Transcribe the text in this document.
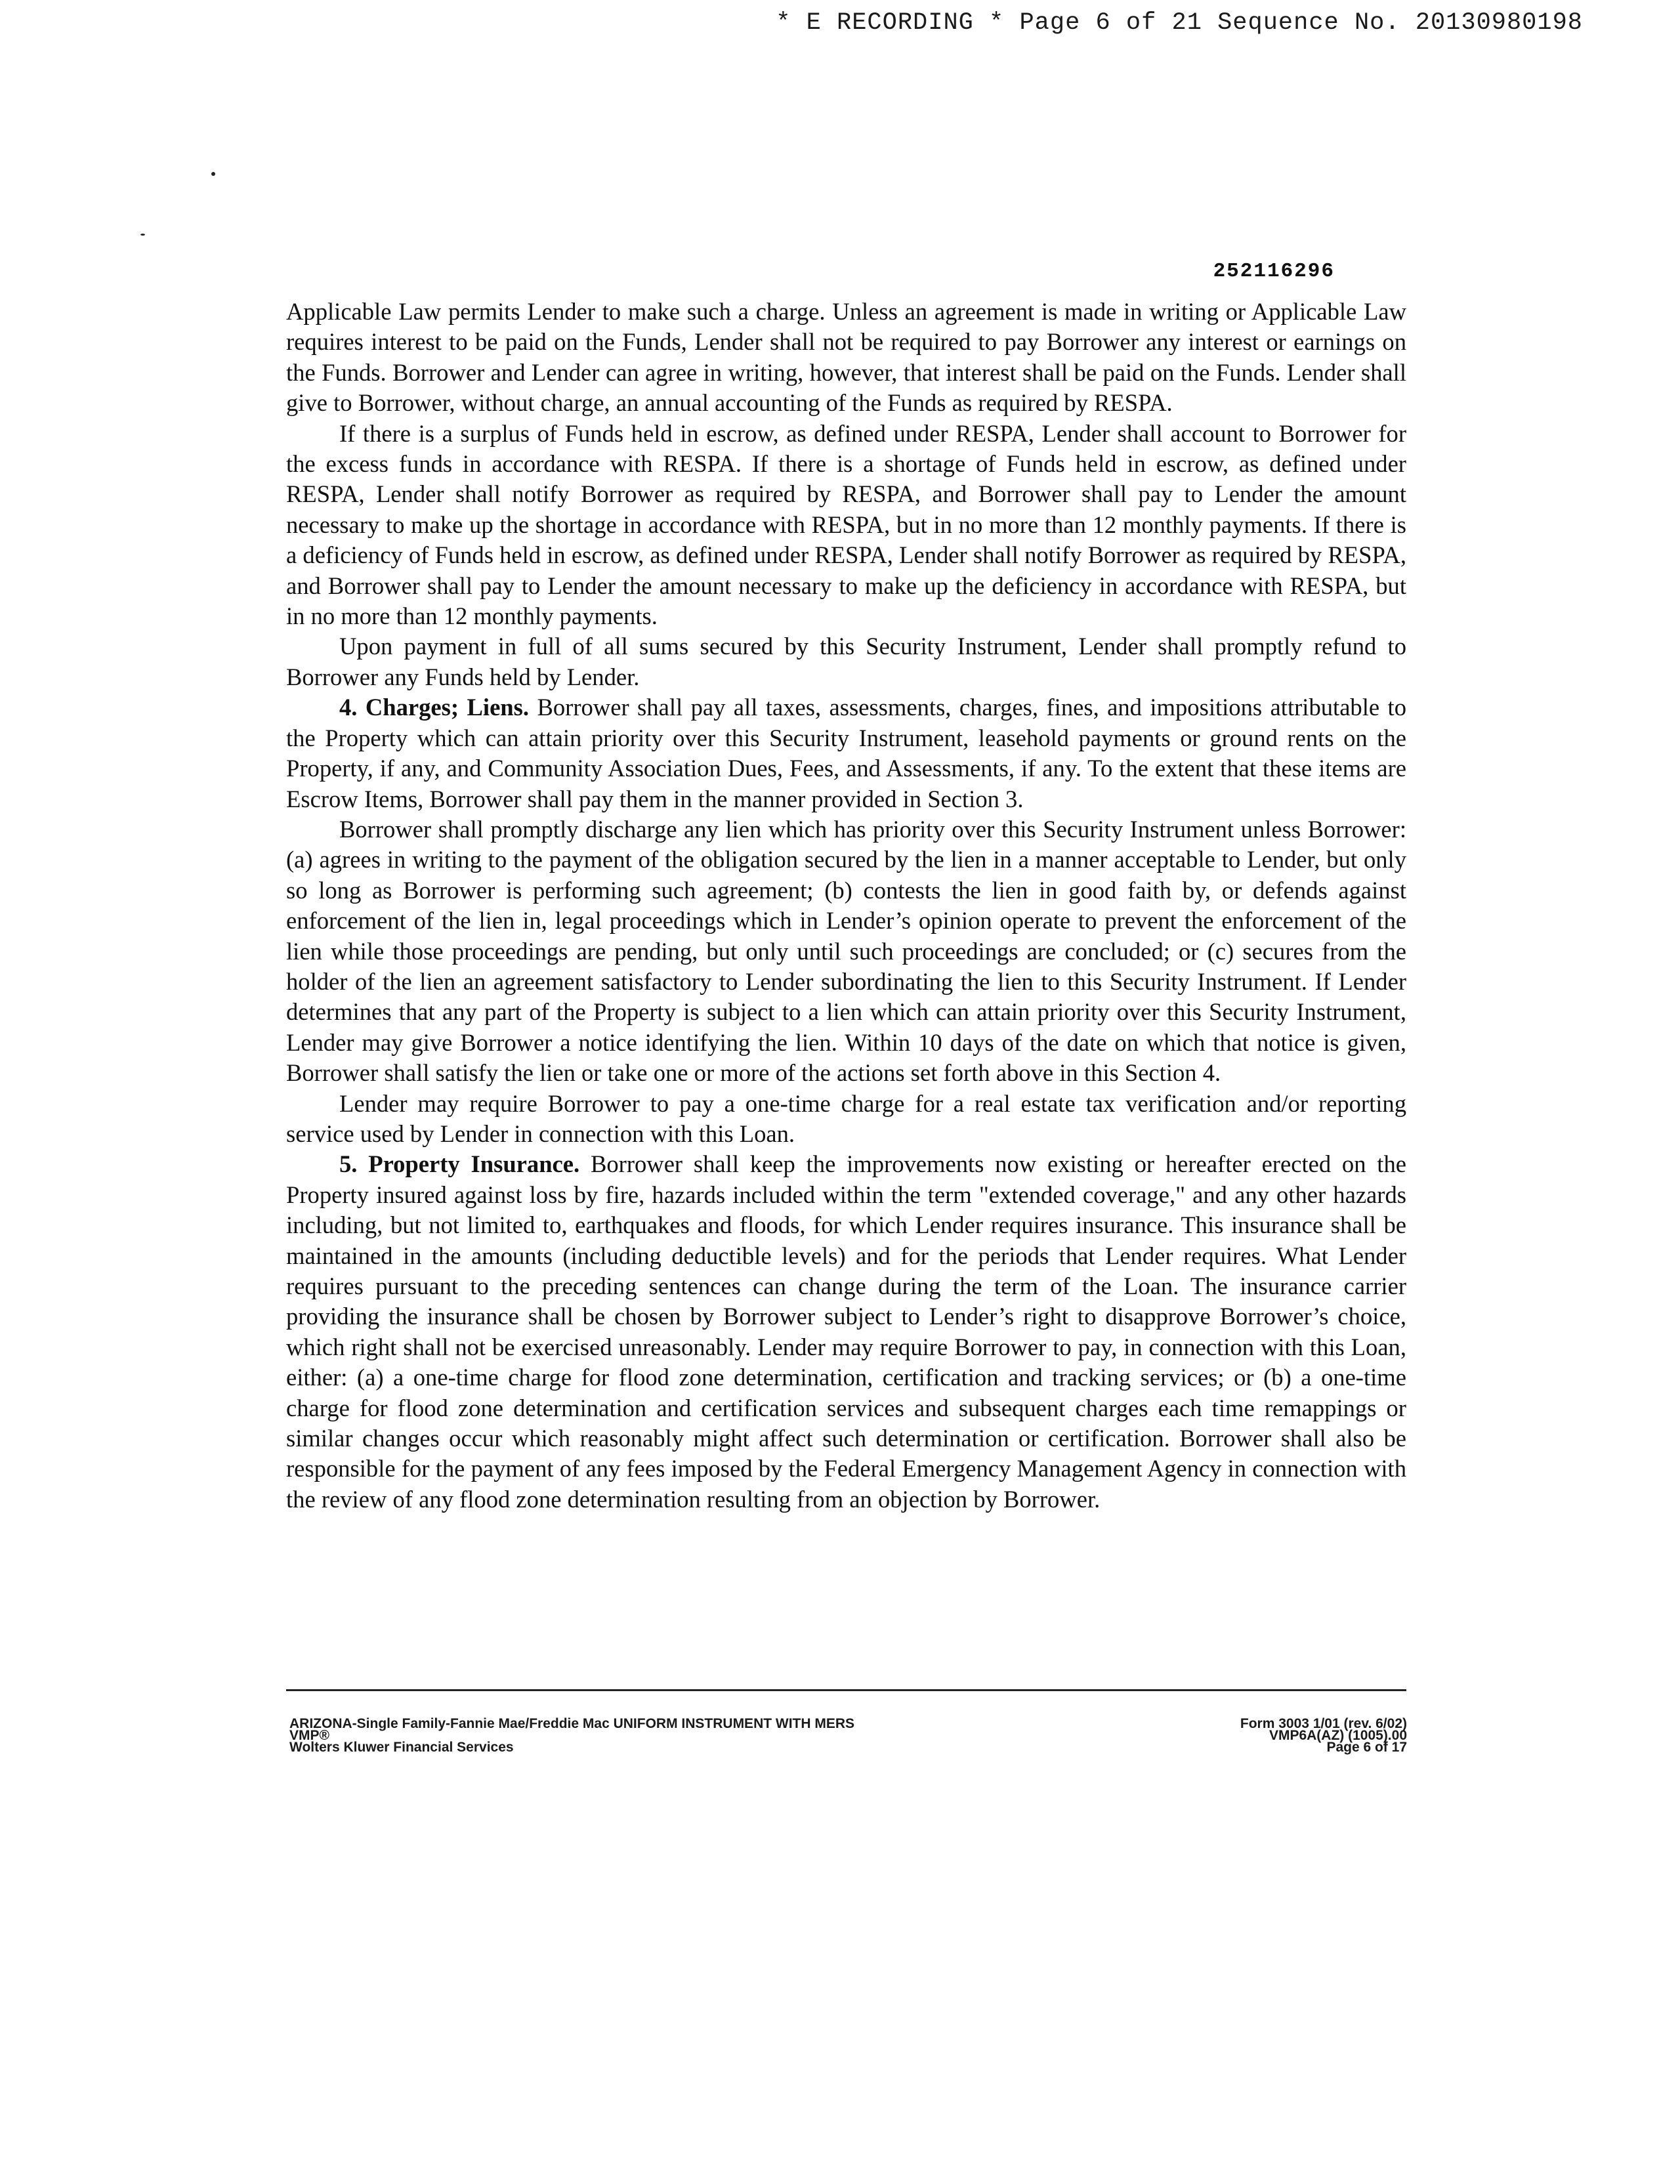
* E RECORDING * Page 6 of 21 Sequence No. 20130980198
252116296

Applicable Law permits Lender to make such a charge. Unless an agreement is made in writing or Applicable Law requires interest to be paid on the Funds, Lender shall not be required to pay Borrower any interest or earnings on the Funds. Borrower and Lender can agree in writing, however, that interest shall be paid on the Funds. Lender shall give to Borrower, without charge, an annual accounting of the Funds as required by RESPA.

If there is a surplus of Funds held in escrow, as defined under RESPA, Lender shall account to Borrower for the excess funds in accordance with RESPA. If there is a shortage of Funds held in escrow, as defined under RESPA, Lender shall notify Borrower as required by RESPA, and Borrower shall pay to Lender the amount necessary to make up the shortage in accordance with RESPA, but in no more than 12 monthly payments. If there is a deficiency of Funds held in escrow, as defined under RESPA, Lender shall notify Borrower as required by RESPA, and Borrower shall pay to Lender the amount necessary to make up the deficiency in accordance with RESPA, but in no more than 12 monthly payments.

Upon payment in full of all sums secured by this Security Instrument, Lender shall promptly refund to Borrower any Funds held by Lender.

4. Charges; Liens. Borrower shall pay all taxes, assessments, charges, fines, and impositions attributable to the Property which can attain priority over this Security Instrument, leasehold payments or ground rents on the Property, if any, and Community Association Dues, Fees, and Assessments, if any. To the extent that these items are Escrow Items, Borrower shall pay them in the manner provided in Section 3.

Borrower shall promptly discharge any lien which has priority over this Security Instrument unless Borrower: (a) agrees in writing to the payment of the obligation secured by the lien in a manner acceptable to Lender, but only so long as Borrower is performing such agreement; (b) contests the lien in good faith by, or defends against enforcement of the lien in, legal proceedings which in Lender’s opinion operate to prevent the enforcement of the lien while those proceedings are pending, but only until such proceedings are concluded; or (c) secures from the holder of the lien an agreement satisfactory to Lender subordinating the lien to this Security Instrument. If Lender determines that any part of the Property is subject to a lien which can attain priority over this Security Instrument, Lender may give Borrower a notice identifying the lien. Within 10 days of the date on which that notice is given, Borrower shall satisfy the lien or take one or more of the actions set forth above in this Section 4.

Lender may require Borrower to pay a one-time charge for a real estate tax verification and/or reporting service used by Lender in connection with this Loan.

5. Property Insurance. Borrower shall keep the improvements now existing or hereafter erected on the Property insured against loss by fire, hazards included within the term "extended coverage," and any other hazards including, but not limited to, earthquakes and floods, for which Lender requires insurance. This insurance shall be maintained in the amounts (including deductible levels) and for the periods that Lender requires. What Lender requires pursuant to the preceding sentences can change during the term of the Loan. The insurance carrier providing the insurance shall be chosen by Borrower subject to Lender’s right to disapprove Borrower’s choice, which right shall not be exercised unreasonably. Lender may require Borrower to pay, in connection with this Loan, either: (a) a one-time charge for flood zone determination, certification and tracking services; or (b) a one-time charge for flood zone determination and certification services and subsequent charges each time remappings or similar changes occur which reasonably might affect such determination or certification. Borrower shall also be responsible for the payment of any fees imposed by the Federal Emergency Management Agency in connection with the review of any flood zone determination resulting from an objection by Borrower.

ARIZONA-Single Family-Fannie Mae/Freddie Mac UNIFORM INSTRUMENT WITH MERS
VMP®
Wolters Kluwer Financial Services
Form 3003 1/01 (rev. 6/02)
VMP6A(AZ) (1005).00
Page 6 of 17
